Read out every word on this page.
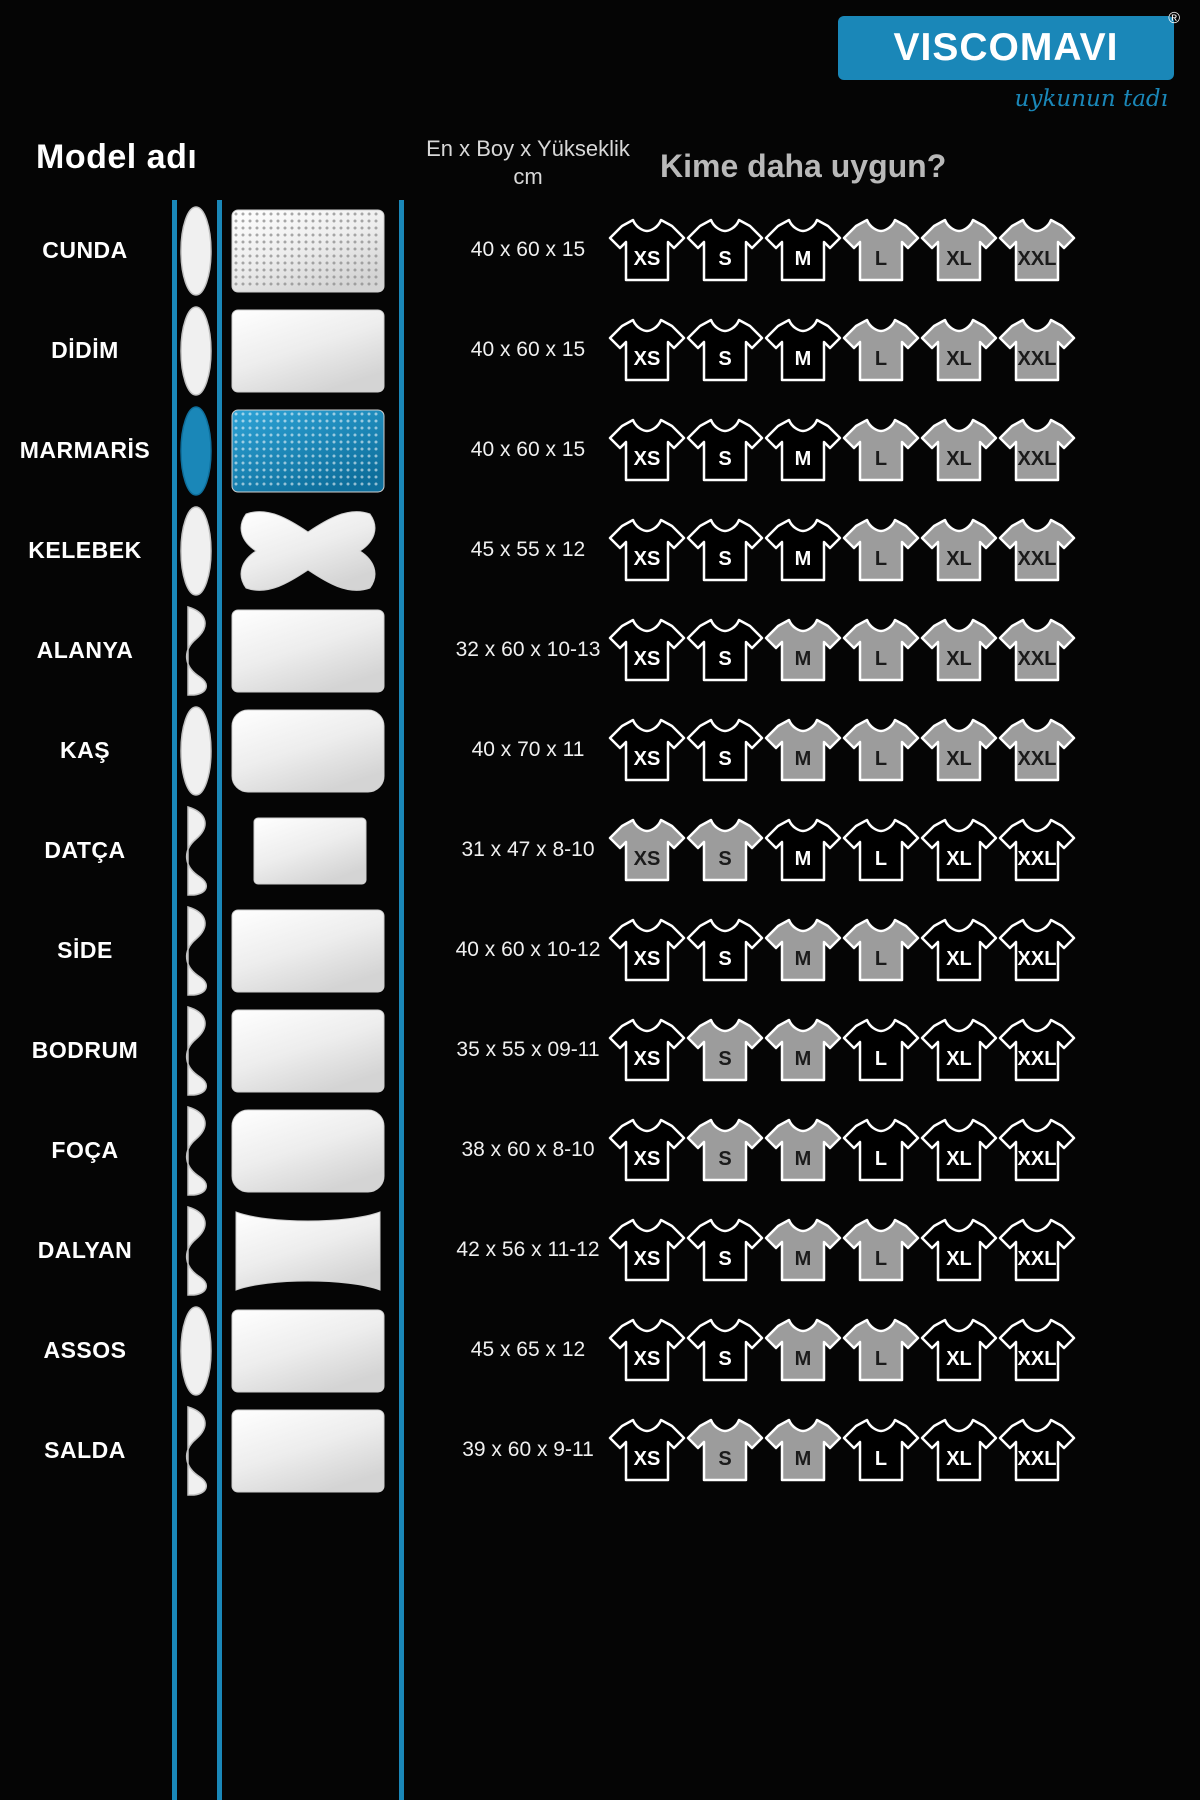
VISCOMAVI
®
uykunun tadı
Model adı	En x Boy x Yükseklik
cm	Kime daha uygun?
CUNDA	40 x 60 x 15	XS	S	M	L	XL	XXL
DİDİM	40 x 60 x 15	XS	S	M	L	XL	XXL
MARMARİS	40 x 60 x 15	XS	S	M	L	XL	XXL
KELEBEK	45 x 55 x 12	XS	S	M	L	XL	XXL
ALANYA	32 x 60 x 10-13	XS	S	M	L	XL	XXL
KAŞ	40 x 70 x 11	XS	S	M	L	XL	XXL
DATÇA	31 x 47 x 8-10	XS	S	M	L	XL	XXL
SİDE	40 x 60 x 10-12	XS	S	M	L	XL	XXL
BODRUM	35 x 55 x 09-11	XS	S	M	L	XL	XXL
FOÇA	38 x 60 x 8-10	XS	S	M	L	XL	XXL
DALYAN	42 x 56 x 11-12	XS	S	M	L	XL	XXL
ASSOS	45 x 65 x 12	XS	S	M	L	XL	XXL
SALDA	39 x 60 x 9-11	XS	S	M	L	XL	XXL
